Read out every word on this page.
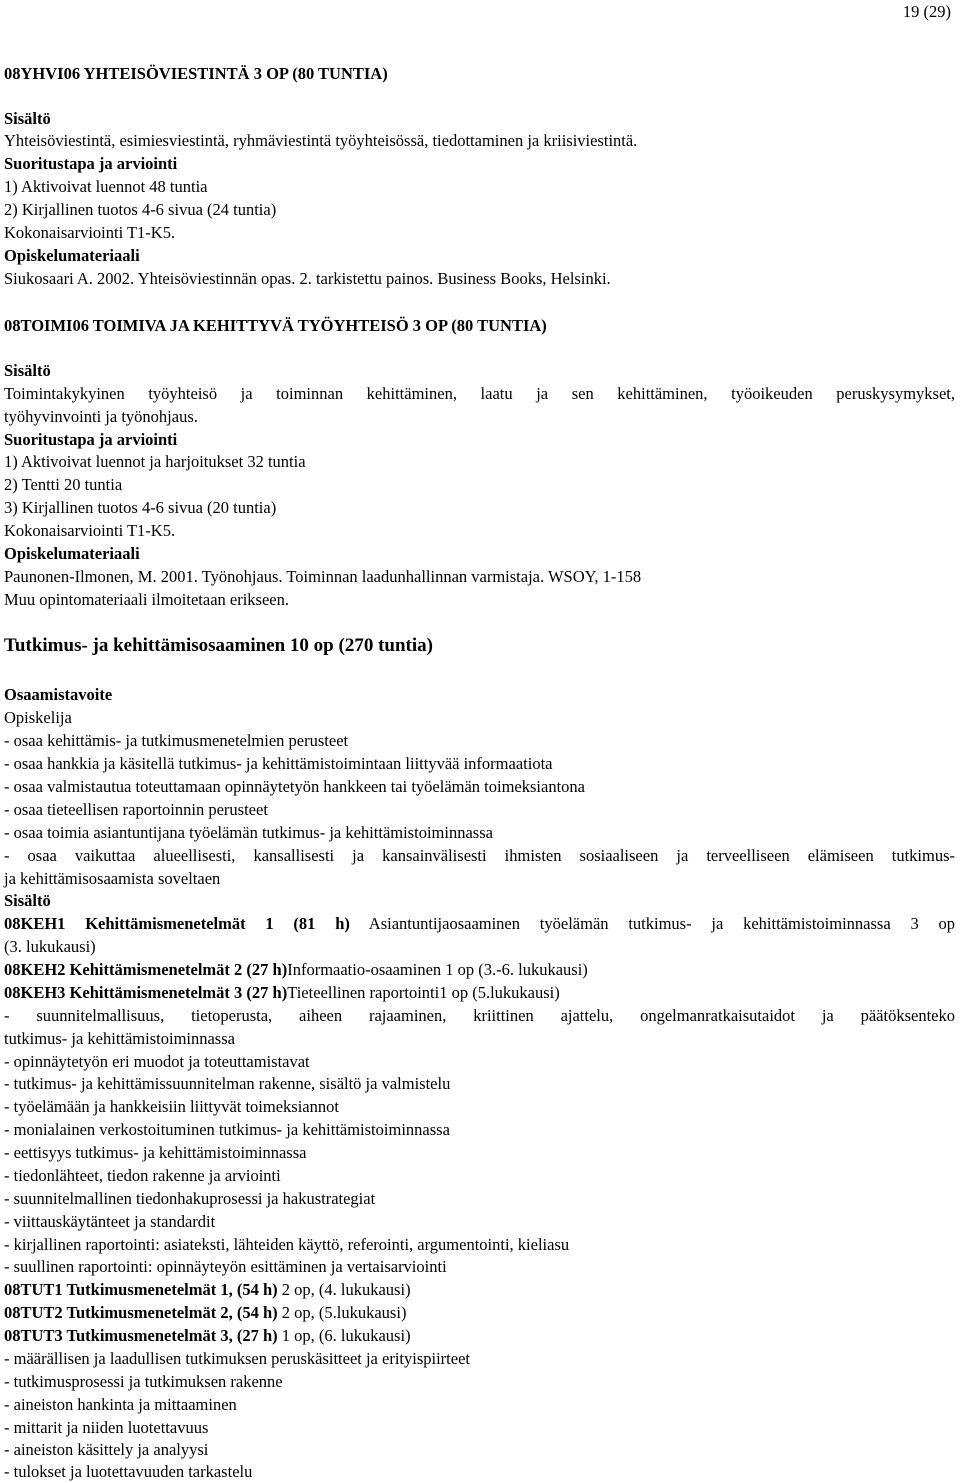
19 (29)
08YHVI06 YHTEISÖVIESTINTÄ 3 OP (80 TUNTIA)
Sisältö
Yhteisöviestintä, esimiesviestintä, ryhmäviestintä työyhteisössä, tiedottaminen ja kriisiviestintä.
Suoritustapa ja arviointi
1) Aktivoivat luennot 48 tuntia
2) Kirjallinen tuotos 4-6 sivua (24 tuntia)
Kokonaisarviointi T1-K5.
Opiskelumateriaali
Siukosaari A. 2002. Yhteisöviestinnän opas. 2. tarkistettu painos. Business Books, Helsinki.
08TOIMI06 TOIMIVA JA KEHITTYVÄ TYÖYHTEISÖ 3 OP (80 TUNTIA)
Sisältö
Toimintakykyinen työyhteisö ja toiminnan kehittäminen, laatu ja sen kehittäminen, työoikeuden peruskysymykset,
työhyvinvointi ja työnohjaus.
Suoritustapa ja arviointi
1) Aktivoivat luennot ja harjoitukset 32 tuntia
2) Tentti 20 tuntia
3) Kirjallinen tuotos 4-6 sivua (20 tuntia)
Kokonaisarviointi T1-K5.
Opiskelumateriaali
Paunonen-Ilmonen, M. 2001. Työnohjaus. Toiminnan laadunhallinnan varmistaja. WSOY, 1-158
Muu opintomateriaali ilmoitetaan erikseen.
Tutkimus- ja kehittämisosaaminen 10 op (270 tuntia)
Osaamistavoite
Opiskelija
- osaa kehittämis- ja tutkimusmenetelmien perusteet
- osaa hankkia ja käsitellä tutkimus- ja kehittämistoimintaan liittyvää informaatiota
- osaa valmistautua toteuttamaan opinnäytetyön hankkeen tai työelämän toimeksiantona
- osaa tieteellisen raportoinnin perusteet
- osaa toimia asiantuntijana työelämän tutkimus- ja kehittämistoiminnassa
- osaa vaikuttaa alueellisesti, kansallisesti ja kansainvälisesti ihmisten sosiaaliseen ja terveelliseen elämiseen tutkimus-
ja kehittämisosaamista soveltaen
Sisältö
08KEH1 Kehittämismenetelmät 1 (81 h) Asiantuntijaosaaminen työelämän tutkimus- ja kehittämistoiminnassa 3 op
(3. lukukausi)
08KEH2 Kehittämismenetelmät 2 (27 h)Informaatio-osaaminen 1 op (3.-6. lukukausi)
08KEH3 Kehittämismenetelmät 3 (27 h)Tieteellinen raportointi1 op (5.lukukausi)
- suunnitelmallisuus, tietoperusta, aiheen rajaaminen, kriittinen ajattelu, ongelmanratkaisutaidot ja päätöksenteko
tutkimus- ja kehittämistoiminnassa
- opinnäytetyön eri muodot ja toteuttamistavat
- tutkimus- ja kehittämissuunnitelman rakenne, sisältö ja valmistelu
- työelämään ja hankkeisiin liittyvät toimeksiannot
- monialainen verkostoituminen tutkimus- ja kehittämistoiminnassa
- eettisyys tutkimus- ja kehittämistoiminnassa
- tiedonlähteet, tiedon rakenne ja arviointi
- suunnitelmallinen tiedonhakuprosessi ja hakustrategiat
- viittauskäytänteet ja standardit
- kirjallinen raportointi: asiateksti, lähteiden käyttö, referointi, argumentointi, kieliasu
- suullinen raportointi: opinnäyteyön esittäminen ja vertaisarviointi
08TUT1 Tutkimusmenetelmät 1, (54 h) 2 op, (4. lukukausi)
08TUT2 Tutkimusmenetelmät 2, (54 h) 2 op, (5.lukukausi)
08TUT3 Tutkimusmenetelmät 3, (27 h) 1 op, (6. lukukausi)
- määrällisen ja laadullisen tutkimuksen peruskäsitteet ja erityispiirteet
- tutkimusprosessi ja tutkimuksen rakenne
- aineiston hankinta ja mittaaminen
- mittarit ja niiden luotettavuus
- aineiston käsittely ja analyysi
- tulokset ja luotettavuuden tarkastelu
